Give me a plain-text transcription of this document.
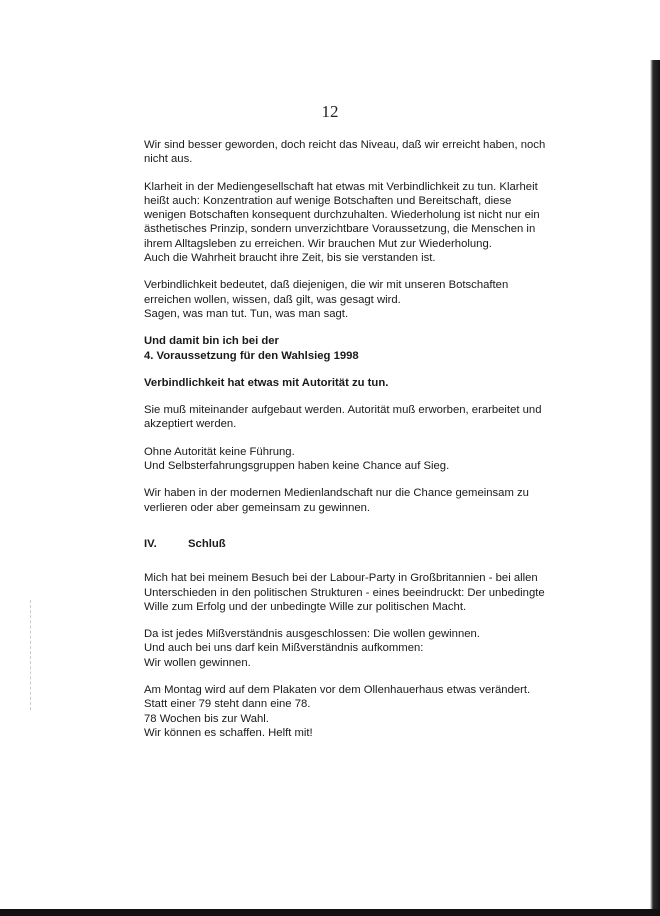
12
Wir sind besser geworden, doch reicht das Niveau, daß wir erreicht haben, noch
nicht aus.
Klarheit in der Mediengesellschaft hat etwas mit Verbindlichkeit zu tun. Klarheit
heißt auch: Konzentration auf wenige Botschaften und Bereitschaft, diese
wenigen Botschaften konsequent durchzuhalten. Wiederholung ist nicht nur ein
ästhetisches Prinzip, sondern unverzichtbare Voraussetzung, die Menschen in
ihrem Alltagsleben zu erreichen. Wir brauchen Mut zur Wiederholung.
Auch die Wahrheit braucht ihre Zeit, bis sie verstanden ist.
Verbindlichkeit bedeutet, daß diejenigen, die wir mit unseren Botschaften
erreichen wollen, wissen, daß gilt, was gesagt wird.
Sagen, was man tut. Tun, was man sagt.
Und damit bin ich bei der
4. Voraussetzung für den Wahlsieg 1998
Verbindlichkeit hat etwas mit Autorität zu tun.
Sie muß miteinander aufgebaut werden. Autorität muß erworben, erarbeitet und
akzeptiert werden.
Ohne Autorität keine Führung.
Und Selbsterfahrungsgruppen haben keine Chance auf Sieg.
Wir haben in der modernen Medienlandschaft nur die Chance gemeinsam zu
verlieren oder aber gemeinsam zu gewinnen.
IV.	Schluß
Mich hat bei meinem Besuch bei der Labour-Party in Großbritannien - bei allen
Unterschieden in den politischen Strukturen - eines beeindruckt: Der unbedingte
Wille zum Erfolg und der unbedingte Wille zur politischen Macht.
Da ist jedes Mißverständnis ausgeschlossen: Die wollen gewinnen.
Und auch bei uns darf kein Mißverständnis aufkommen:
Wir wollen gewinnen.
Am Montag wird auf dem Plakaten vor dem Ollenhauerhaus etwas verändert.
Statt einer 79 steht dann eine 78.
78 Wochen bis zur Wahl.
Wir können es schaffen. Helft mit!
